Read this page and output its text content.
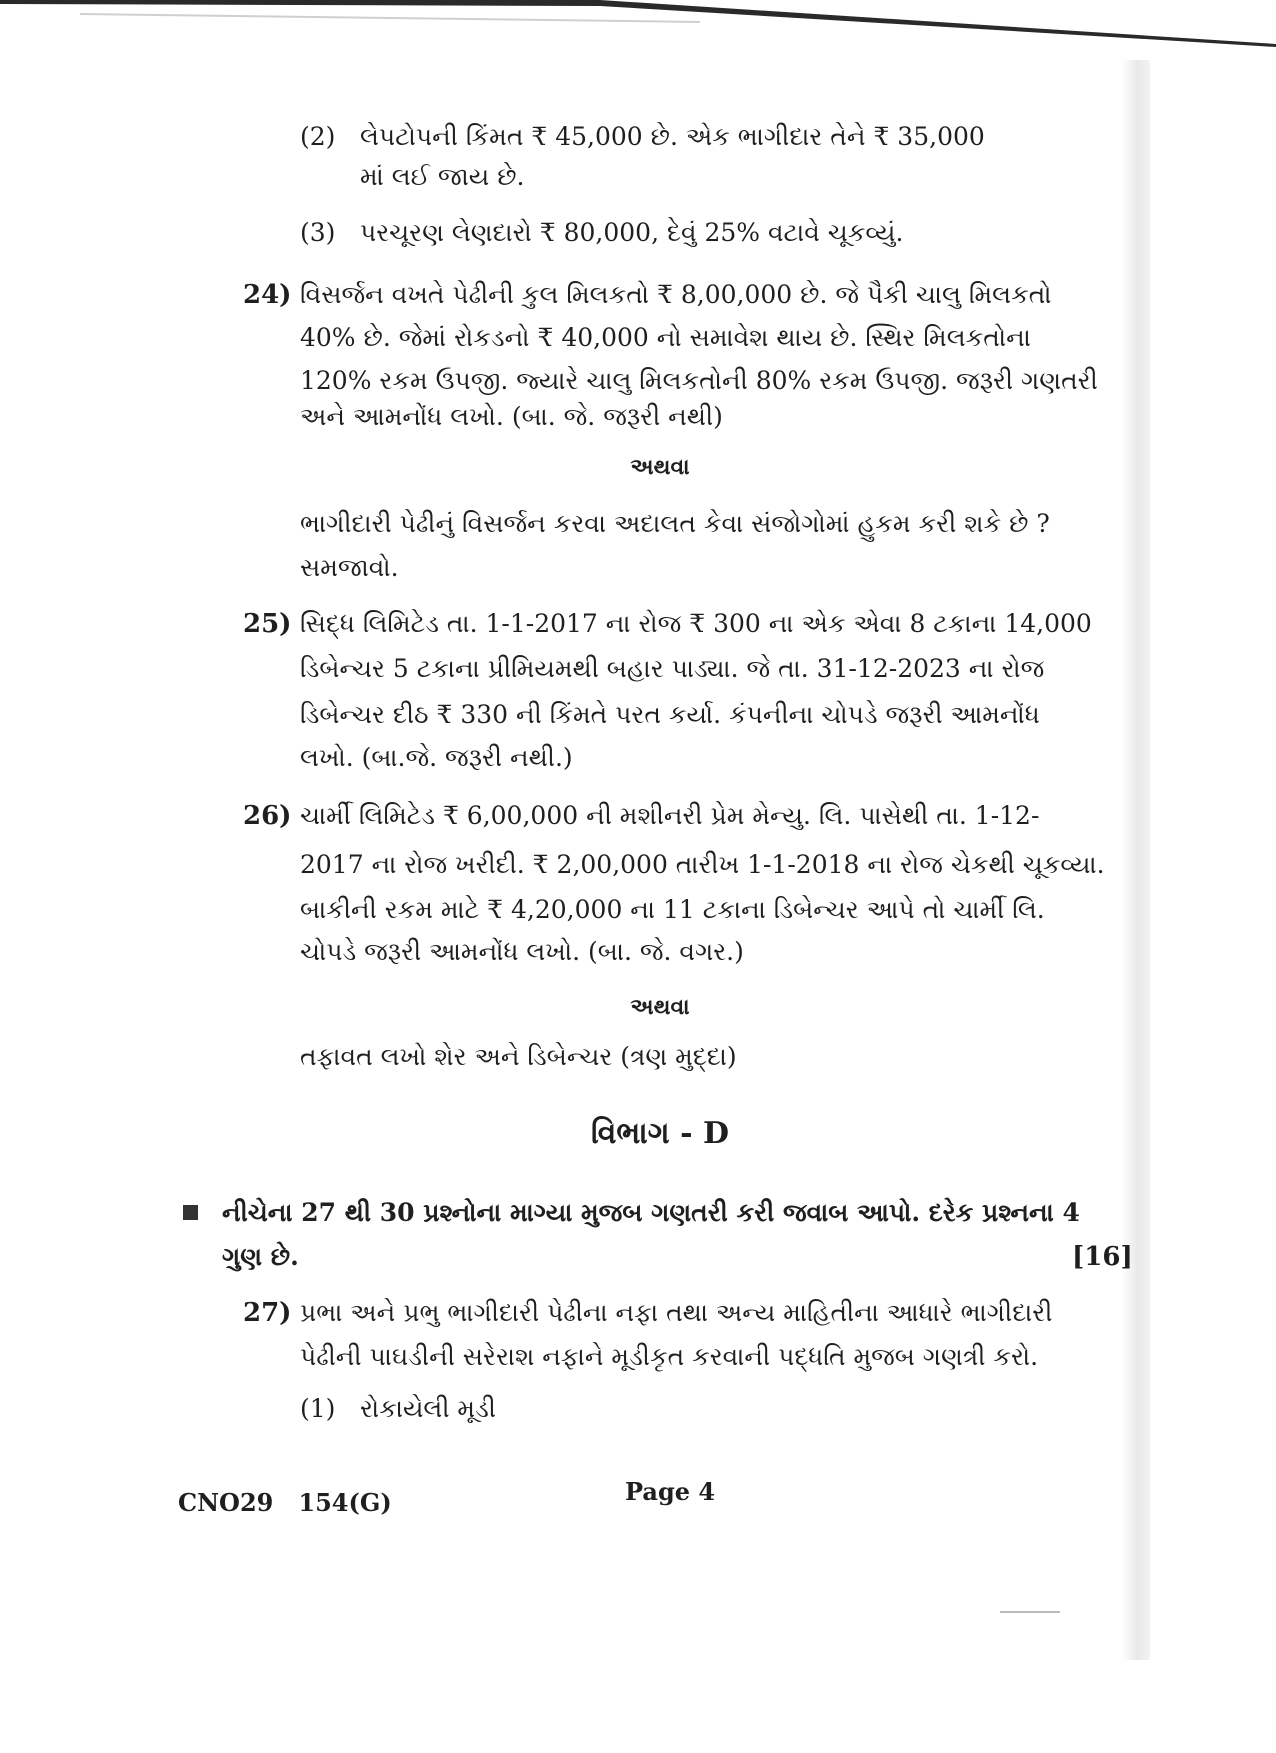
(2) લેપટોપની કિંમત ₹ 45,000 છે. એક ભાગીદાર તેને ₹ 35,000
માં લઈ જાય છે.
(3) પરચૂરણ લેણદારો ₹ 80,000, દેવું 25% વટાવે ચૂકવ્યું.
24) વિસર્જન વખતે પેઢીની કુલ મિલકતો ₹ 8,00,000 છે. જે પૈકી ચાલુ મિલકતો
40% છે. જેમાં રોકડનો ₹ 40,000 નો સમાવેશ થાય છે. સ્થિર મિલકતોના
120% રકમ ઉપજી. જ્યારે ચાલુ મિલકતોની 80% રકમ ઉપજી. જરૂરી ગણતરી
અને આમનોંધ લખો. (બા. જે. જરૂરી નથી)
અથવા
ભાગીદારી પેઢીનું વિસર્જન કરવા અદાલત કેવા સંજોગોમાં હુકમ કરી શકે છે ?
સમજાવો.
25) સિદ્ધ લિમિટેડ તા. 1-1-2017 ના રોજ ₹ 300 ના એક એવા 8 ટકાના 14,000
ડિબેન્ચર 5 ટકાના પ્રીમિયમથી બહાર પાડ્યા. જે તા. 31-12-2023 ના રોજ
ડિબેન્ચર દીઠ ₹ 330 ની કિંમતે પરત કર્યા. કંપનીના ચોપડે જરૂરી આમનોંધ
લખો. (બા.જે. જરૂરી નથી.)
26) ચાર્મી લિમિટેડ ₹ 6,00,000 ની મશીનરી પ્રેમ મેન્યુ. લિ. પાસેથી તા. 1-12-
2017 ના રોજ ખરીદી. ₹ 2,00,000 તારીખ 1-1-2018 ના રોજ ચેકથી ચૂકવ્યા.
બાકીની રકમ માટે ₹ 4,20,000 ના 11 ટકાના ડિબેન્ચર આપે તો ચાર્મી લિ.
ચોપડે જરૂરી આમનોંધ લખો. (બા. જે. વગર.)
અથવા
તફાવત લખો શેર અને ડિબેન્ચર (ત્રણ મુદ્દા)
વિભાગ - D
નીચેના 27 થી 30 પ્રશ્નોના માગ્યા મુજબ ગણતરી કરી જવાબ આપો. દરેક પ્રશ્નના 4
ગુણ છે.	[16]
27) પ્રભા અને પ્રભુ ભાગીદારી પેઢીના નફા તથા અન્ય માહિતીના આધારે ભાગીદારી
પેઢીની પાઘડીની સરેરાશ નફાને મૂડીકૃત કરવાની પદ્ધતિ મુજબ ગણત્રી કરો.
(1) રોકાયેલી મૂડી
CNO29   154(G)	Page 4
